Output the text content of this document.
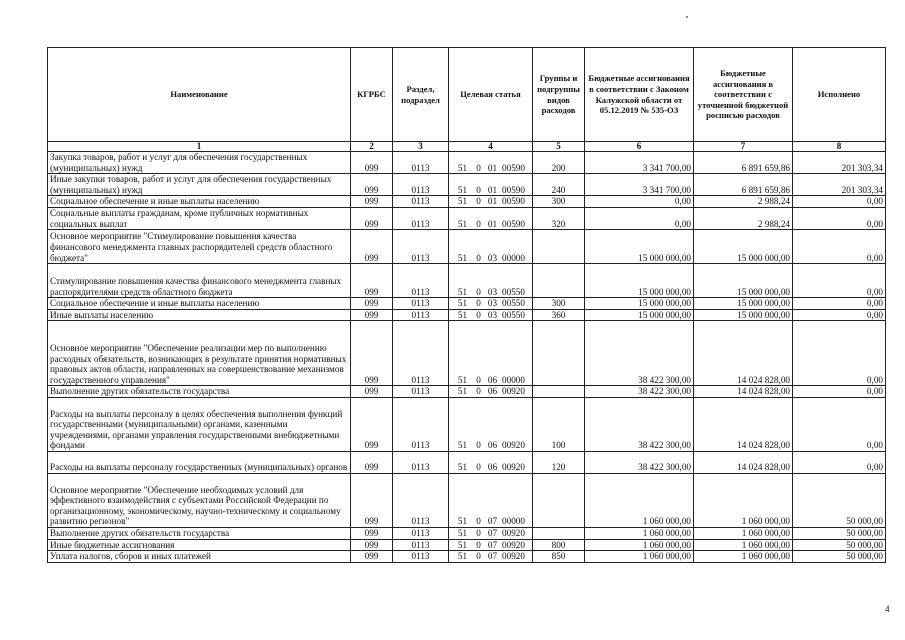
Наименование	КГРБС	Раздел, подраздел	Целевая статья	Группы и подгруппы видов расходов	Бюджетные ассигнования в соответствии с Законом Калужской области от 05.12.2019 № 535-ОЗ	Бюджетные ассигнования в соответствии с уточненной бюджетной росписью расходов	Исполнено
1	2	3	4	5	6	7	8
Закупка товаров, работ и услуг для обеспечения государственных (муниципальных) нужд	099	0113	51 0 01 00590	200	3 341 700,00	6 891 659,86	201 303,34
Иные закупки товаров, работ и услуг для обеспечения государственных (муниципальных) нужд	099	0113	51 0 01 00590	240	3 341 700,00	6 891 659,86	201 303,34
Социальное обеспечение и иные выплаты населению	099	0113	51 0 01 00590	300	0,00	2 988,24	0,00
Социальные выплаты гражданам, кроме публичных нормативных социальных выплат	099	0113	51 0 01 00590	320	0,00	2 988,24	0,00
Основное мероприятие "Стимулирование повышения качества финансового менеджмента главных распорядителей средств областного бюджета"	099	0113	51 0 03 00000		15 000 000,00	15 000 000,00	0,00
Стимулирование повышения качества финансового менеджмента главных распорядителями средств областного бюджета	099	0113	51 0 03 00550		15 000 000,00	15 000 000,00	0,00
Социальное обеспечение и иные выплаты населению	099	0113	51 0 03 00550	300	15 000 000,00	15 000 000,00	0,00
Иные выплаты населению	099	0113	51 0 03 00550	360	15 000 000,00	15 000 000,00	0,00
Основное мероприятие "Обеспечение реализации мер по выполнению расходных обязательств, возникающих в результате принятия нормативных правовых актов области, направленных на совершенствование механизмов государственного управления"	099	0113	51 0 06 00000		38 422 300,00	14 024 828,00	0,00
Выполнение других обязательств государства	099	0113	51 0 06 00920		38 422 300,00	14 024 828,00	0,00
Расходы на выплаты персоналу в целях обеспечения выполнения функций государственными (муниципальными) органами, казенными учреждениями, органами управления государственными внебюджетными фондами	099	0113	51 0 06 00920	100	38 422 300,00	14 024 828,00	0,00
Расходы на выплаты персоналу государственных (муниципальных) органов	099	0113	51 0 06 00920	120	38 422 300,00	14 024 828,00	0,00
Основное мероприятие "Обеспечение необходимых условий для эффективного взаимодействия с субъектами Российской Федерации по организационному, экономическому, научно-техническому и социальному развитию регионов"	099	0113	51 0 07 00000		1 060 000,00	1 060 000,00	50 000,00
Выполнение других обязательств государства	099	0113	51 0 07 00920		1 060 000,00	1 060 000,00	50 000,00
Иные бюджетные ассигнования	099	0113	51 0 07 00920	800	1 060 000,00	1 060 000,00	50 000,00
Уплата налогов, сборов и иных платежей	099	0113	51 0 07 00920	850	1 060 000,00	1 060 000,00	50 000,00
4
